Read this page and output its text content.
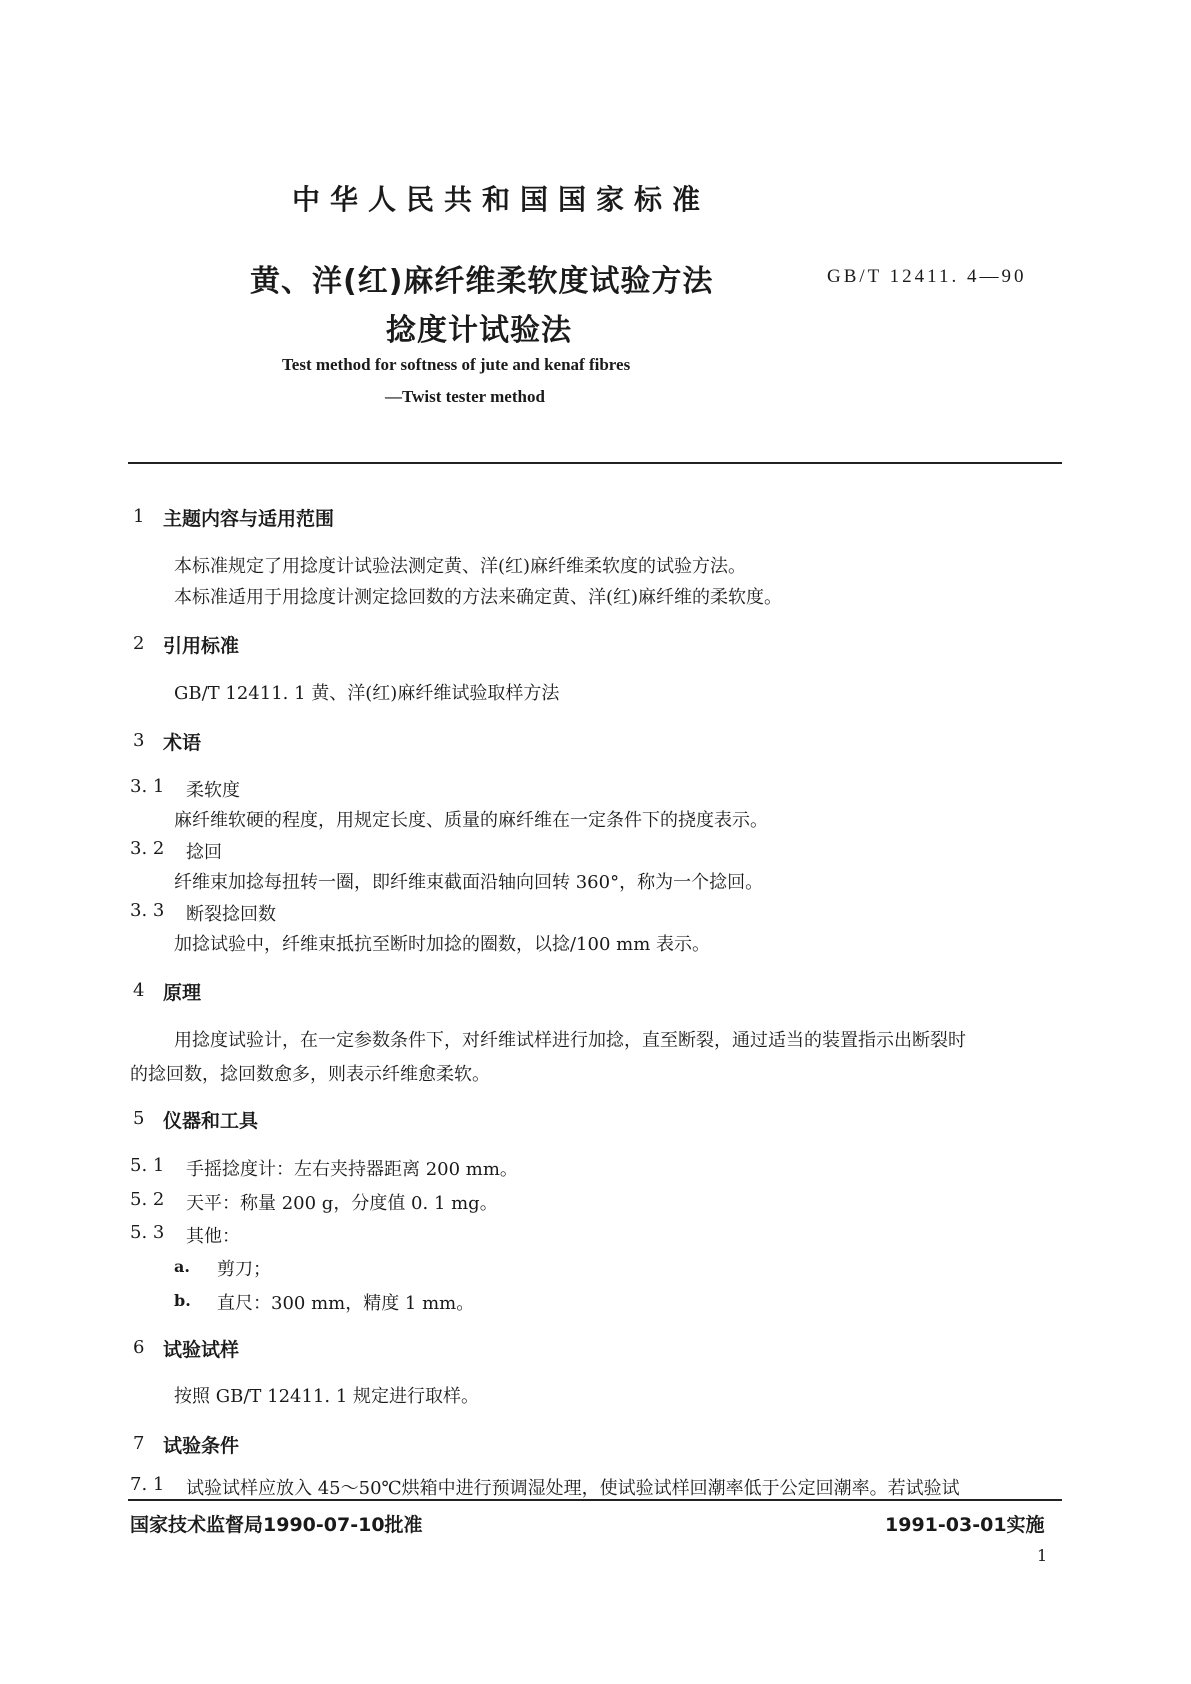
中华人民共和国国家标准
黄、洋(红)麻纤维柔软度试验方法	GB/T 12411. 4—90
捻度计试验法
Test method for softness of jute and kenaf fibres
—Twist tester method
1 主题内容与适用范围
本标准规定了用捻度计试验法测定黄、洋(红)麻纤维柔软度的试验方法。
本标准适用于用捻度计测定捻回数的方法来确定黄、洋(红)麻纤维的柔软度。
2 引用标准
GB/T 12411. 1 黄、洋(红)麻纤维试验取样方法
3 术语
3. 1 柔软度
麻纤维软硬的程度，用规定长度、质量的麻纤维在一定条件下的挠度表示。
3. 2 捻回
纤维束加捻每扭转一圈，即纤维束截面沿轴向回转 360°，称为一个捻回。
3. 3 断裂捻回数
加捻试验中，纤维束抵抗至断时加捻的圈数，以捻/100 mm 表示。
4 原理
用捻度试验计，在一定参数条件下，对纤维试样进行加捻，直至断裂，通过适当的装置指示出断裂时
的捻回数，捻回数愈多，则表示纤维愈柔软。
5 仪器和工具
5. 1 手摇捻度计：左右夹持器距离 200 mm。
5. 2 天平：称量 200 g，分度值 0. 1 mg。
5. 3 其他：
a. 剪刀；
b. 直尺：300 mm，精度 1 mm。
6 试验试样
按照 GB/T 12411. 1 规定进行取样。
7 试验条件
7. 1 试验试样应放入 45～50℃烘箱中进行预调湿处理，使试验试样回潮率低于公定回潮率。若试验试
国家技术监督局1990-07-10批准	1991-03-01实施
1
